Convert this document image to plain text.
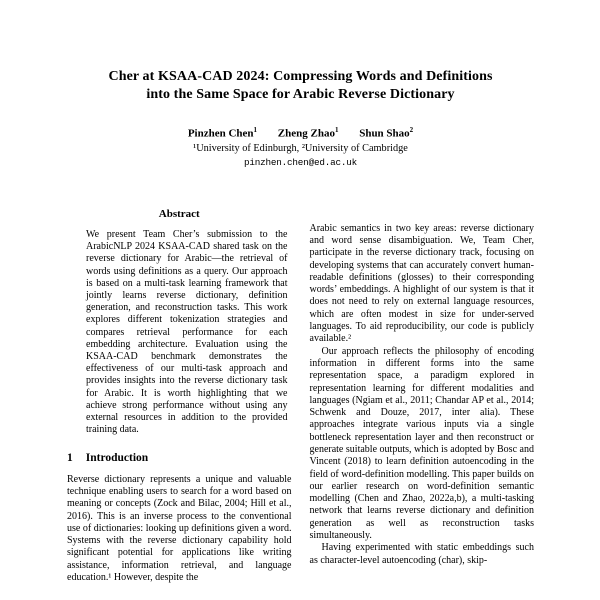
Cher at KSAA-CAD 2024: Compressing Words and Definitions
into the Same Space for Arabic Reverse Dictionary
Pinzhen Chen$^1$ Zheng Zhao$^1$ Shun Shao$^2$
¹University of Edinburgh, ²University of Cambridge
pinzhen.chen@ed.ac.uk
Abstract

We present Team Cher’s submission to the ArabicNLP 2024 KSAA-CAD shared task on the reverse dictionary for Arabic—the retrieval of words using definitions as a query. Our approach is based on a multi-task learning framework that jointly learns reverse dictionary, definition generation, and reconstruction tasks. This work explores different tokenization strategies and compares retrieval performance for each embedding architecture. Evaluation using the KSAA-CAD benchmark demonstrates the effectiveness of our multi-task approach and provides insights into the reverse dictionary task for Arabic. It is worth highlighting that we achieve strong performance without using any external resources in addition to the provided training data.

1 Introduction

Reverse dictionary represents a unique and valuable technique enabling users to search for a word based on meaning or concepts (Zock and Bilac, 2004; Hill et al., 2016). This is an inverse process to the conventional use of dictionaries: looking up definitions given a word. Systems with the reverse dictionary capability hold significant potential for applications like writing assistance, information retrieval, and language education.¹ However, despite the

Arabic semantics in two key areas: reverse dictionary and word sense disambiguation. We, Team Cher, participate in the reverse dictionary track, focusing on developing systems that can accurately convert human-readable definitions (glosses) to their corresponding words’ embeddings. A highlight of our system is that it does not need to rely on external language resources, which are often modest in size for under-served languages. To aid reproducibility, our code is publicly available.²

Our approach reflects the philosophy of encoding information in different forms into the same representation space, a paradigm explored in representation learning for different modalities and languages (Ngiam et al., 2011; Chandar AP et al., 2014; Schwenk and Douze, 2017, inter alia). These approaches integrate various inputs via a single bottleneck representation layer and then reconstruct or generate suitable outputs, which is adopted by Bosc and Vincent (2018) to learn definition autoencoding in the field of word-definition modelling. This paper builds on our earlier research on word-definition semantic modelling (Chen and Zhao, 2022a,b), a multi-tasking network that learns reverse dictionary and definition generation as well as reconstruction tasks simultaneously.

Having experimented with static embeddings such as character-level autoencoding (char), skip-
